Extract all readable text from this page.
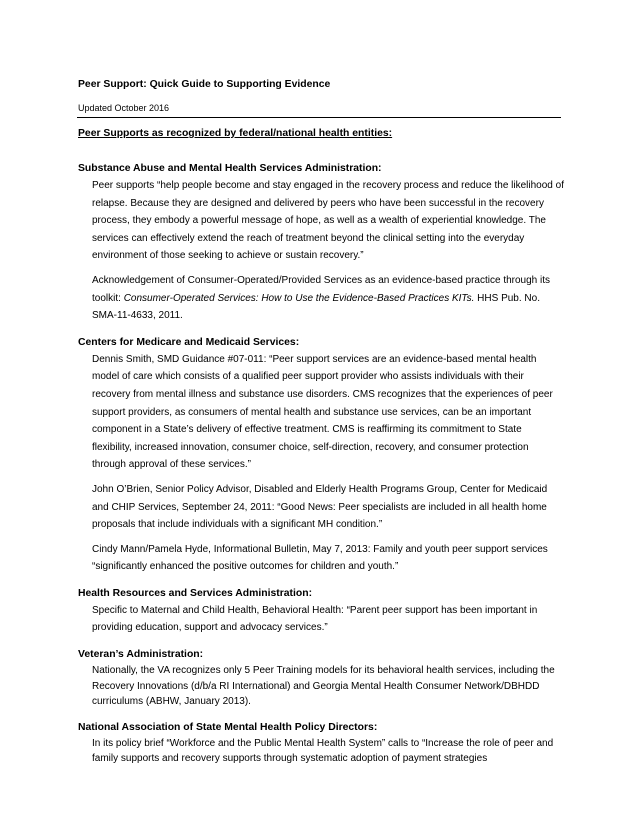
Peer Support: Quick Guide to Supporting Evidence
Updated October 2016
Peer Supports as recognized by federal/national health entities:
Substance Abuse and Mental Health Services Administration:
Peer supports “help people become and stay engaged in the recovery process and reduce the likelihood of relapse. Because they are designed and delivered by peers who have been successful in the recovery process, they embody a powerful message of hope, as well as a wealth of experiential knowledge. The services can effectively extend the reach of treatment beyond the clinical setting into the everyday environment of those seeking to achieve or sustain recovery.”
Acknowledgement of Consumer-Operated/Provided Services as an evidence-based practice through its toolkit: Consumer-Operated Services: How to Use the Evidence-Based Practices KITs. HHS Pub. No. SMA-11-4633, 2011.
Centers for Medicare and Medicaid Services:
Dennis Smith, SMD Guidance #07-011: “Peer support services are an evidence-based mental health model of care which consists of a qualified peer support provider who assists individuals with their recovery from mental illness and substance use disorders. CMS recognizes that the experiences of peer support providers, as consumers of mental health and substance use services, can be an important component in a State’s delivery of effective treatment. CMS is reaffirming its commitment to State flexibility, increased innovation, consumer choice, self-direction, recovery, and consumer protection through approval of these services.”
John O’Brien, Senior Policy Advisor, Disabled and Elderly Health Programs Group, Center for Medicaid and CHIP Services, September 24, 2011: “Good News: Peer specialists are included in all health home proposals that include individuals with a significant MH condition.”
Cindy Mann/Pamela Hyde, Informational Bulletin, May 7, 2013: Family and youth peer support services “significantly enhanced the positive outcomes for children and youth.”
Health Resources and Services Administration:
Specific to Maternal and Child Health, Behavioral Health: “Parent peer support has been important in providing education, support and advocacy services.”
Veteran’s Administration:
Nationally, the VA recognizes only 5 Peer Training models for its behavioral health services, including the Recovery Innovations (d/b/a RI International) and Georgia Mental Health Consumer Network/DBHDD curriculums (ABHW, January 2013).
National Association of State Mental Health Policy Directors:
In its policy brief “Workforce and the Public Mental Health System” calls to “Increase the role of peer and family supports and recovery supports through systematic adoption of payment strategies
